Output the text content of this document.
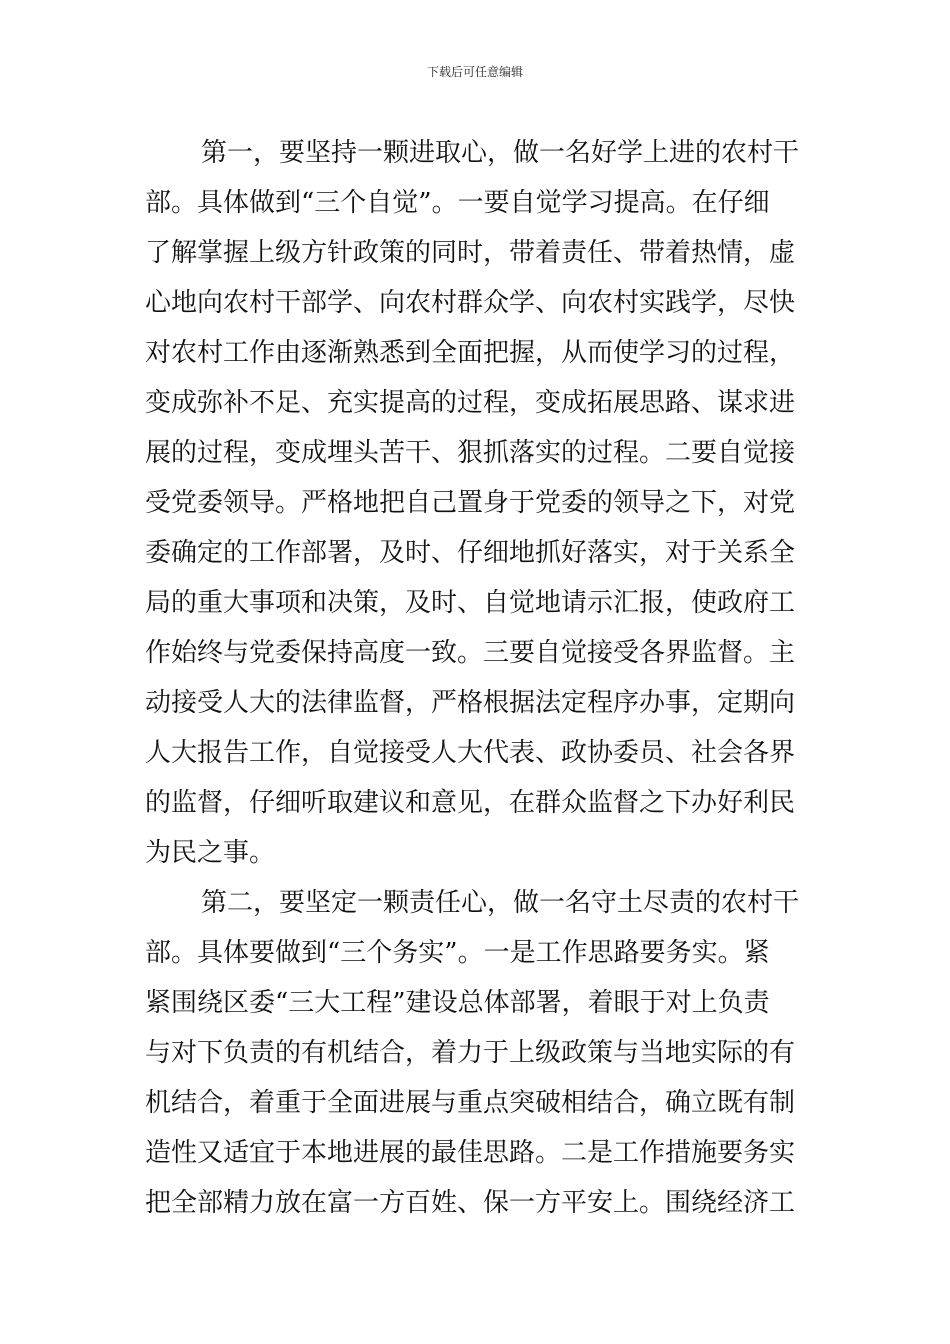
下载后可任意编辑
第一，要坚持一颗进取心，做一名好学上进的农村干
部。具体做到“三个自觉”。一要自觉学习提高。在仔细
了解掌握上级方针政策的同时，带着责任、带着热情，虚
心地向农村干部学、向农村群众学、向农村实践学，尽快
对农村工作由逐渐熟悉到全面把握，从而使学习的过程，
变成弥补不足、充实提高的过程，变成拓展思路、谋求进
展的过程，变成埋头苦干、狠抓落实的过程。二要自觉接
受党委领导。严格地把自己置身于党委的领导之下，对党
委确定的工作部署，及时、仔细地抓好落实，对于关系全
局的重大事项和决策，及时、自觉地请示汇报，使政府工
作始终与党委保持高度一致。三要自觉接受各界监督。主
动接受人大的法律监督，严格根据法定程序办事，定期向
人大报告工作，自觉接受人大代表、政协委员、社会各界
的监督，仔细听取建议和意见，在群众监督之下办好利民
为民之事。
第二，要坚定一颗责任心，做一名守土尽责的农村干
部。具体要做到“三个务实”。一是工作思路要务实。紧
紧围绕区委“三大工程”建设总体部署，着眼于对上负责
与对下负责的有机结合，着力于上级政策与当地实际的有
机结合，着重于全面进展与重点突破相结合，确立既有制
造性又适宜于本地进展的最佳思路。二是工作措施要务实
把全部精力放在富一方百姓、保一方平安上。围绕经济工
